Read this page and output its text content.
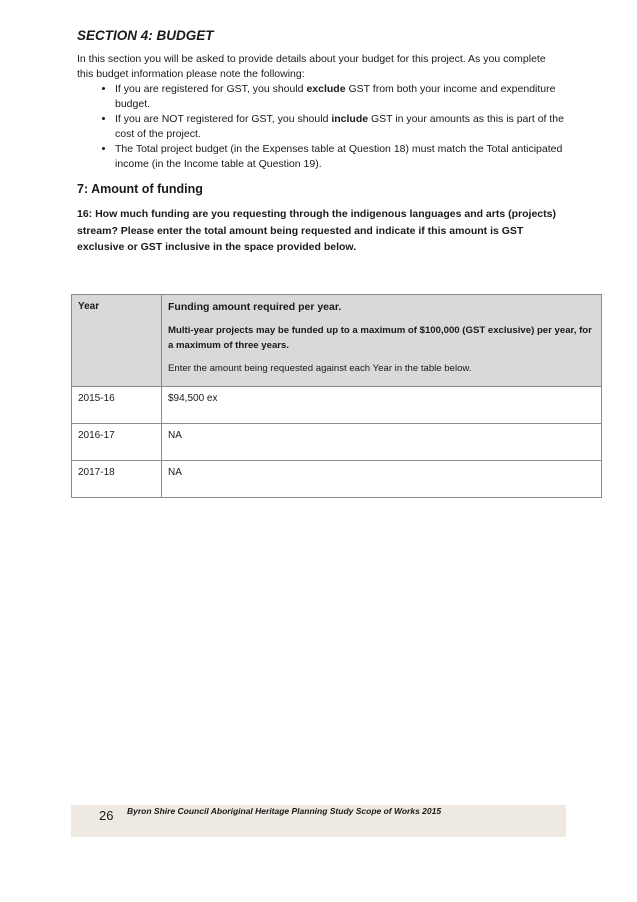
SECTION 4: BUDGET

In this section you will be asked to provide details about your budget for this project. As you complete this budget information please note the following:

• If you are registered for GST, you should exclude GST from both your income and expenditure budget.
• If you are NOT registered for GST, you should include GST in your amounts as this is part of the cost of the project.
• The Total project budget (in the Expenses table at Question 18) must match the Total anticipated income (in the Income table at Question 19).
7: Amount of funding

16: How much funding are you requesting through the indigenous languages and arts (projects) stream? Please enter the total amount being requested and indicate if this amount is GST exclusive or GST inclusive in the space provided below.

Year	Funding amount required per year.

Multi-year projects may be funded up to a maximum of $100,000 (GST exclusive) per year, for a maximum of three years.

Enter the amount being requested against each Year in the table below.

2015-16	$94,500 ex
2016-17	NA
2017-18	NA
26 Byron Shire Council Aboriginal Heritage Planning Study Scope of Works 2015
